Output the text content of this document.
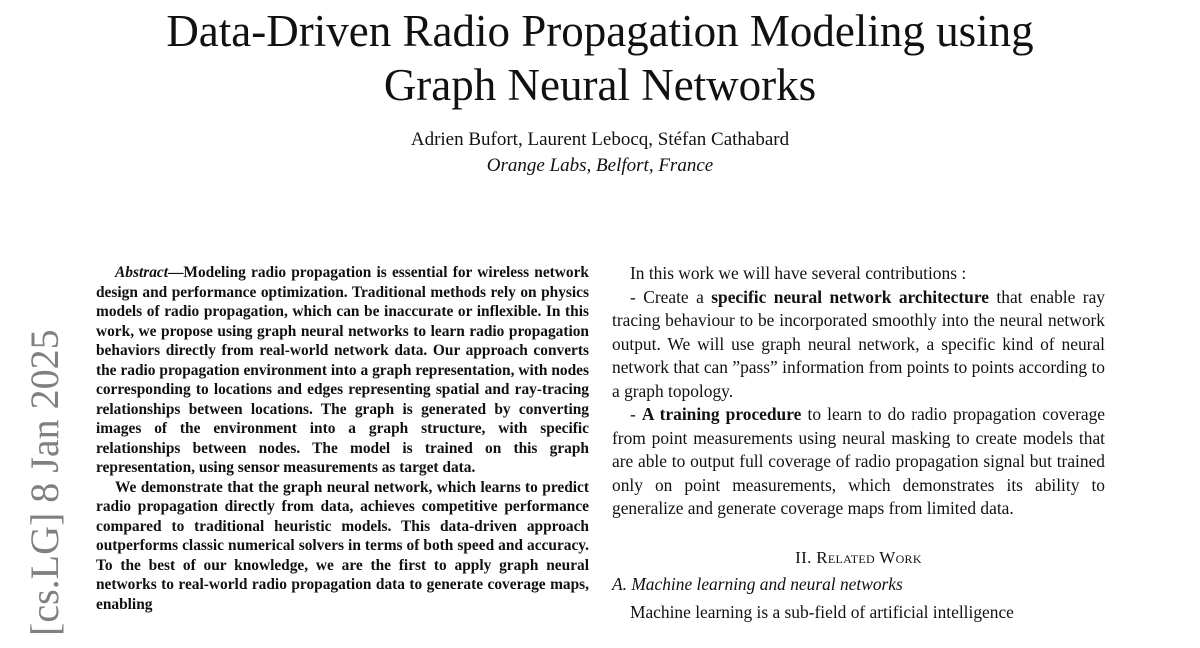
Data-Driven Radio Propagation Modeling using
Graph Neural Networks
Adrien Bufort, Laurent Lebocq, Stéfan Cathabard
Orange Labs, Belfort, France
[cs.LG] 8 Jan 2025

Abstract—Modeling radio propagation is essential for wireless network design and performance optimization. Traditional methods rely on physics models of radio propagation, which can be inaccurate or inflexible. In this work, we propose using graph neural networks to learn radio propagation behaviors directly from real-world network data. Our approach converts the radio propagation environment into a graph representation, with nodes corresponding to locations and edges representing spatial and ray-tracing relationships between locations. The graph is generated by converting images of the environment into a graph structure, with specific relationships between nodes. The model is trained on this graph representation, using sensor measurements as target data.

We demonstrate that the graph neural network, which learns to predict radio propagation directly from data, achieves competitive performance compared to traditional heuristic models. This data-driven approach outperforms classic numerical solvers in terms of both speed and accuracy. To the best of our knowledge, we are the first to apply graph neural networks to real-world radio propagation data to generate coverage maps, enabling

In this work we will have several contributions :

- Create a specific neural network architecture that enable ray tracing behaviour to be incorporated smoothly into the neural network output. We will use graph neural network, a specific kind of neural network that can ”pass” information from points to points according to a graph topology.

- A training procedure to learn to do radio propagation coverage from point measurements using neural masking to create models that are able to output full coverage of radio propagation signal but trained only on point measurements, which demonstrates its ability to generalize and generate coverage maps from limited data.

II. Related Work
A. Machine learning and neural networks

Machine learning is a sub-field of artificial intelligence
